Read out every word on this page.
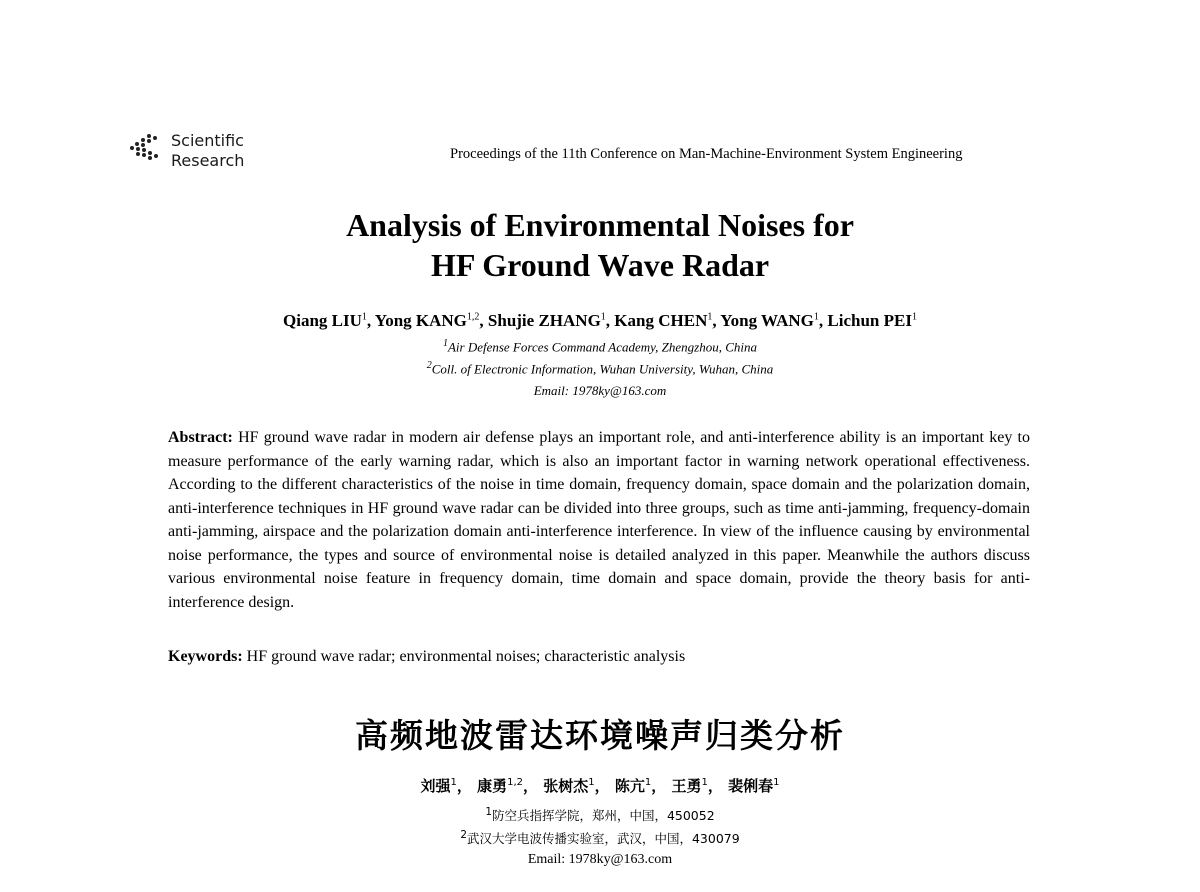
Scientific
Research	Proceedings of the 11th Conference on Man-Machine-Environment System Engineering
Analysis of Environmental Noises for
HF Ground Wave Radar
Qiang LIU$^1$, Yong KANG$^{1,2}$, Shujie ZHANG$^1$, Kang CHEN$^1$, Yong WANG$^1$, Lichun PEI$^1$
$^1$Air Defense Forces Command Academy, Zhengzhou, China
$^2$Coll. of Electronic Information, Wuhan University, Wuhan, China
Email: 1978ky@163.com

Abstract: HF ground wave radar in modern air defense plays an important role, and anti-interference ability is an important key to measure performance of the early warning radar, which is also an important factor in warning network operational effectiveness. According to the different characteristics of the noise in time domain, frequency domain, space domain and the polarization domain, anti-interference techniques in HF ground wave radar can be divided into three groups, such as time anti-jamming, frequency-domain anti-jamming, airspace and the polarization domain anti-interference interference. In view of the influence causing by environmental noise performance, the types and source of environmental noise is detailed analyzed in this paper. Meanwhile the authors discuss various environmental noise feature in frequency domain, time domain and space domain, provide the theory basis for anti-interference design.

Keywords: HF ground wave radar; environmental noises; characteristic analysis

高频地波雷达环境噪声归类分析
刘强$^1$， 康勇$^{1,2}$， 张树杰$^1$， 陈亢$^1$， 王勇$^1$， 裴俐春$^1$
$^1$防空兵指挥学院，郑州，中国，450052
$^2$武汉大学电波传播实验室，武汉，中国，430079
Email: 1978ky@163.com
